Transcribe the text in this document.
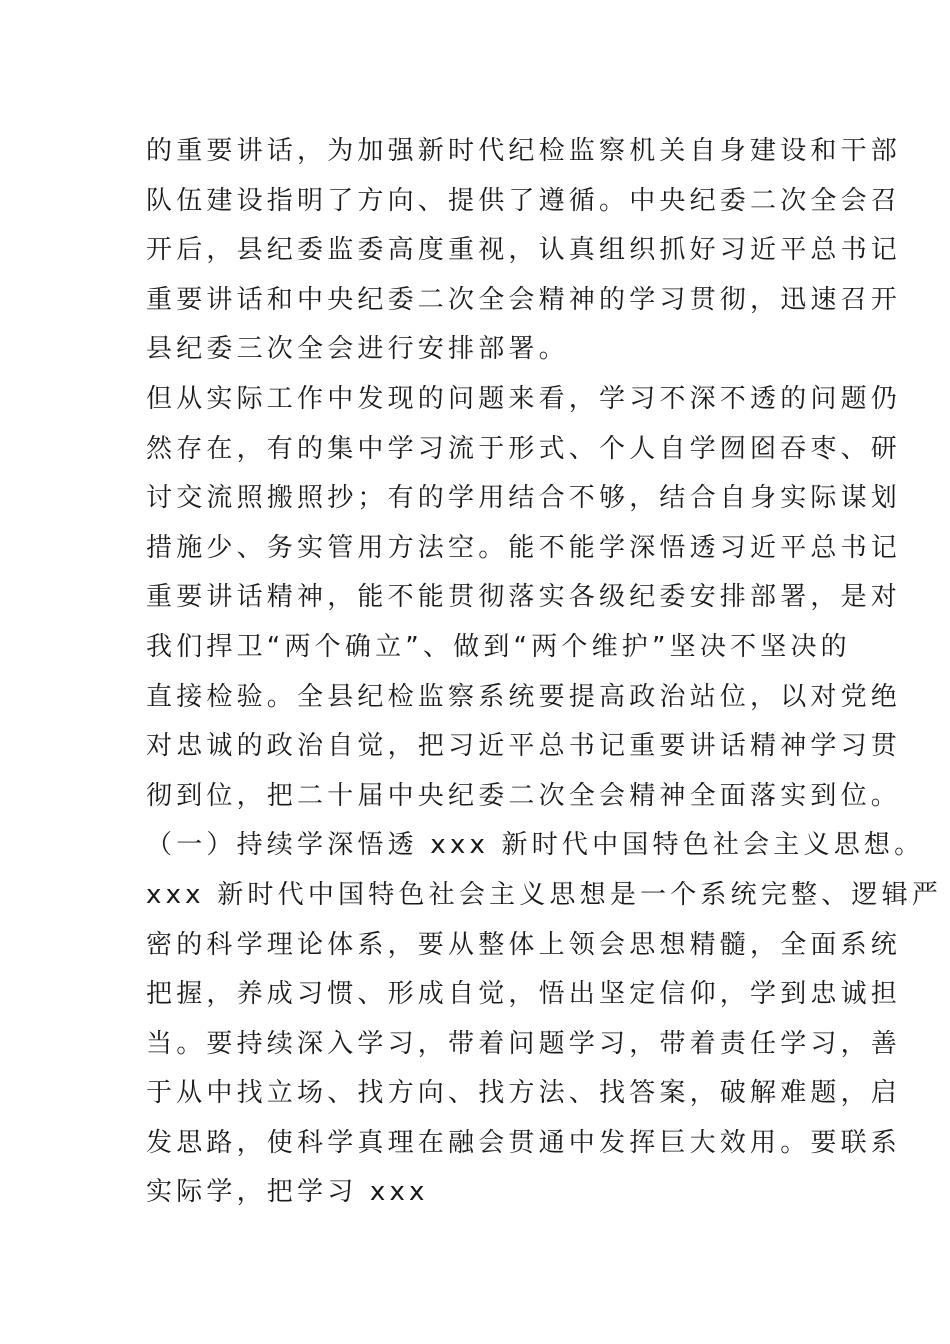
的重要讲话，为加强新时代纪检监察机关自身建设和干部
队伍建设指明了方向、提供了遵循。中央纪委二次全会召
开后，县纪委监委高度重视，认真组织抓好习近平总书记
重要讲话和中央纪委二次全会精神的学习贯彻，迅速召开
县纪委三次全会进行安排部署。
但从实际工作中发现的问题来看，学习不深不透的问题仍
然存在，有的集中学习流于形式、个人自学囫囵吞枣、研
讨交流照搬照抄；有的学用结合不够，结合自身实际谋划
措施少、务实管用方法空。能不能学深悟透习近平总书记
重要讲话精神，能不能贯彻落实各级纪委安排部署，是对
我们捍卫“两个确立”、做到“两个维护”坚决不坚决的
直接检验。全县纪检监察系统要提高政治站位，以对党绝
对忠诚的政治自觉，把习近平总书记重要讲话精神学习贯
彻到位，把二十届中央纪委二次全会精神全面落实到位。
（一）持续学深悟透 xxx 新时代中国特色社会主义思想。
xxx 新时代中国特色社会主义思想是一个系统完整、逻辑严
密的科学理论体系，要从整体上领会思想精髓，全面系统
把握，养成习惯、形成自觉，悟出坚定信仰，学到忠诚担
当。要持续深入学习，带着问题学习，带着责任学习，善
于从中找立场、找方向、找方法、找答案，破解难题，启
发思路，使科学真理在融会贯通中发挥巨大效用。要联系
实际学，把学习 xxx
